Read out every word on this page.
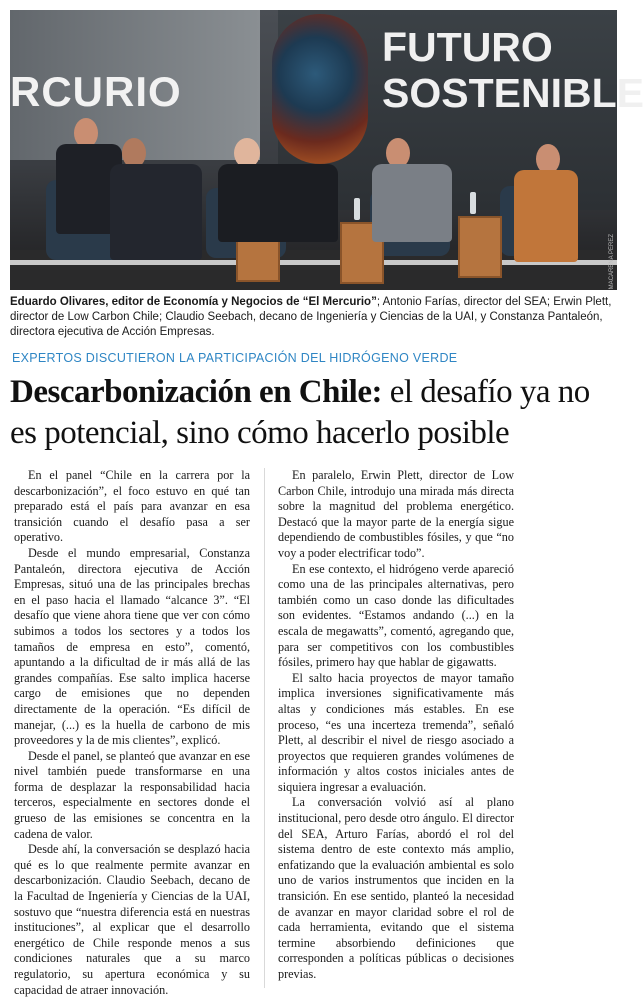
RCURIO
FUTURO
SOSTENIBLE
MACARENA PÉREZ
Eduardo Olivares, editor de Economía y Negocios de “El Mercurio”; Antonio Farías, director del SEA; Erwin Plett, director de Low Carbon Chile; Claudio Seebach, decano de Ingeniería y Ciencias de la UAI, y Constanza Pantaleón, directora ejecutiva de Acción Empresas.
EXPERTOS DISCUTIERON LA PARTICIPACIÓN DEL HIDRÓGENO VERDE
Descarbonización en Chile: el desafío ya no es potencial, sino cómo hacerlo posible

En el panel “Chile en la carrera por la descarbonización”, el foco estuvo en qué tan preparado está el país para avanzar en esa transición cuando el desafío pasa a ser operativo.

Desde el mundo empresarial, Constanza Pantaleón, directora ejecutiva de Acción Empresas, situó una de las principales brechas en el paso hacia el llamado “alcance 3”. “El desafío que viene ahora tiene que ver con cómo subimos a todos los sectores y a todos los tamaños de empresa en esto”, comentó, apuntando a la dificultad de ir más allá de las grandes compañías. Ese salto implica hacerse cargo de emisiones que no dependen directamente de la operación. “Es difícil de manejar, (...) es la huella de carbono de mis proveedores y la de mis clientes”, explicó.

Desde el panel, se planteó que avanzar en ese nivel también puede transformarse en una forma de desplazar la responsabilidad hacia terceros, especialmente en sectores donde el grueso de las emisiones se concentra en la cadena de valor.

Desde ahí, la conversación se desplazó hacia qué es lo que realmente permite avanzar en descarbonización. Claudio Seebach, decano de la Facultad de Ingeniería y Ciencias de la UAI, sostuvo que “nuestra diferencia está en nuestras instituciones”, al explicar que el desarrollo energético de Chile responde menos a sus condiciones naturales que a su marco regulatorio, su apertura económica y su capacidad de atraer innovación.

En paralelo, Erwin Plett, director de Low Carbon Chile, introdujo una mirada más directa sobre la magnitud del problema energético. Destacó que la mayor parte de la energía sigue dependiendo de combustibles fósiles, y que “no voy a poder electrificar todo”.

En ese contexto, el hidrógeno verde apareció como una de las principales alternativas, pero también como un caso donde las dificultades son evidentes. “Estamos andando (...) en la escala de megawatts”, comentó, agregando que, para ser competitivos con los combustibles fósiles, primero hay que hablar de gigawatts.

El salto hacia proyectos de mayor tamaño implica inversiones significativamente más altas y condiciones más estables. En ese proceso, “es una incerteza tremenda”, señaló Plett, al describir el nivel de riesgo asociado a proyectos que requieren grandes volúmenes de información y altos costos iniciales antes de siquiera ingresar a evaluación.

La conversación volvió así al plano institucional, pero desde otro ángulo. El director del SEA, Arturo Farías, abordó el rol del sistema dentro de este contexto más amplio, enfatizando que la evaluación ambiental es solo uno de varios instrumentos que inciden en la transición. En ese sentido, planteó la necesidad de avanzar en mayor claridad sobre el rol de cada herramienta, evitando que el sistema termine absorbiendo definiciones que corresponden a políticas públicas o decisiones previas.
